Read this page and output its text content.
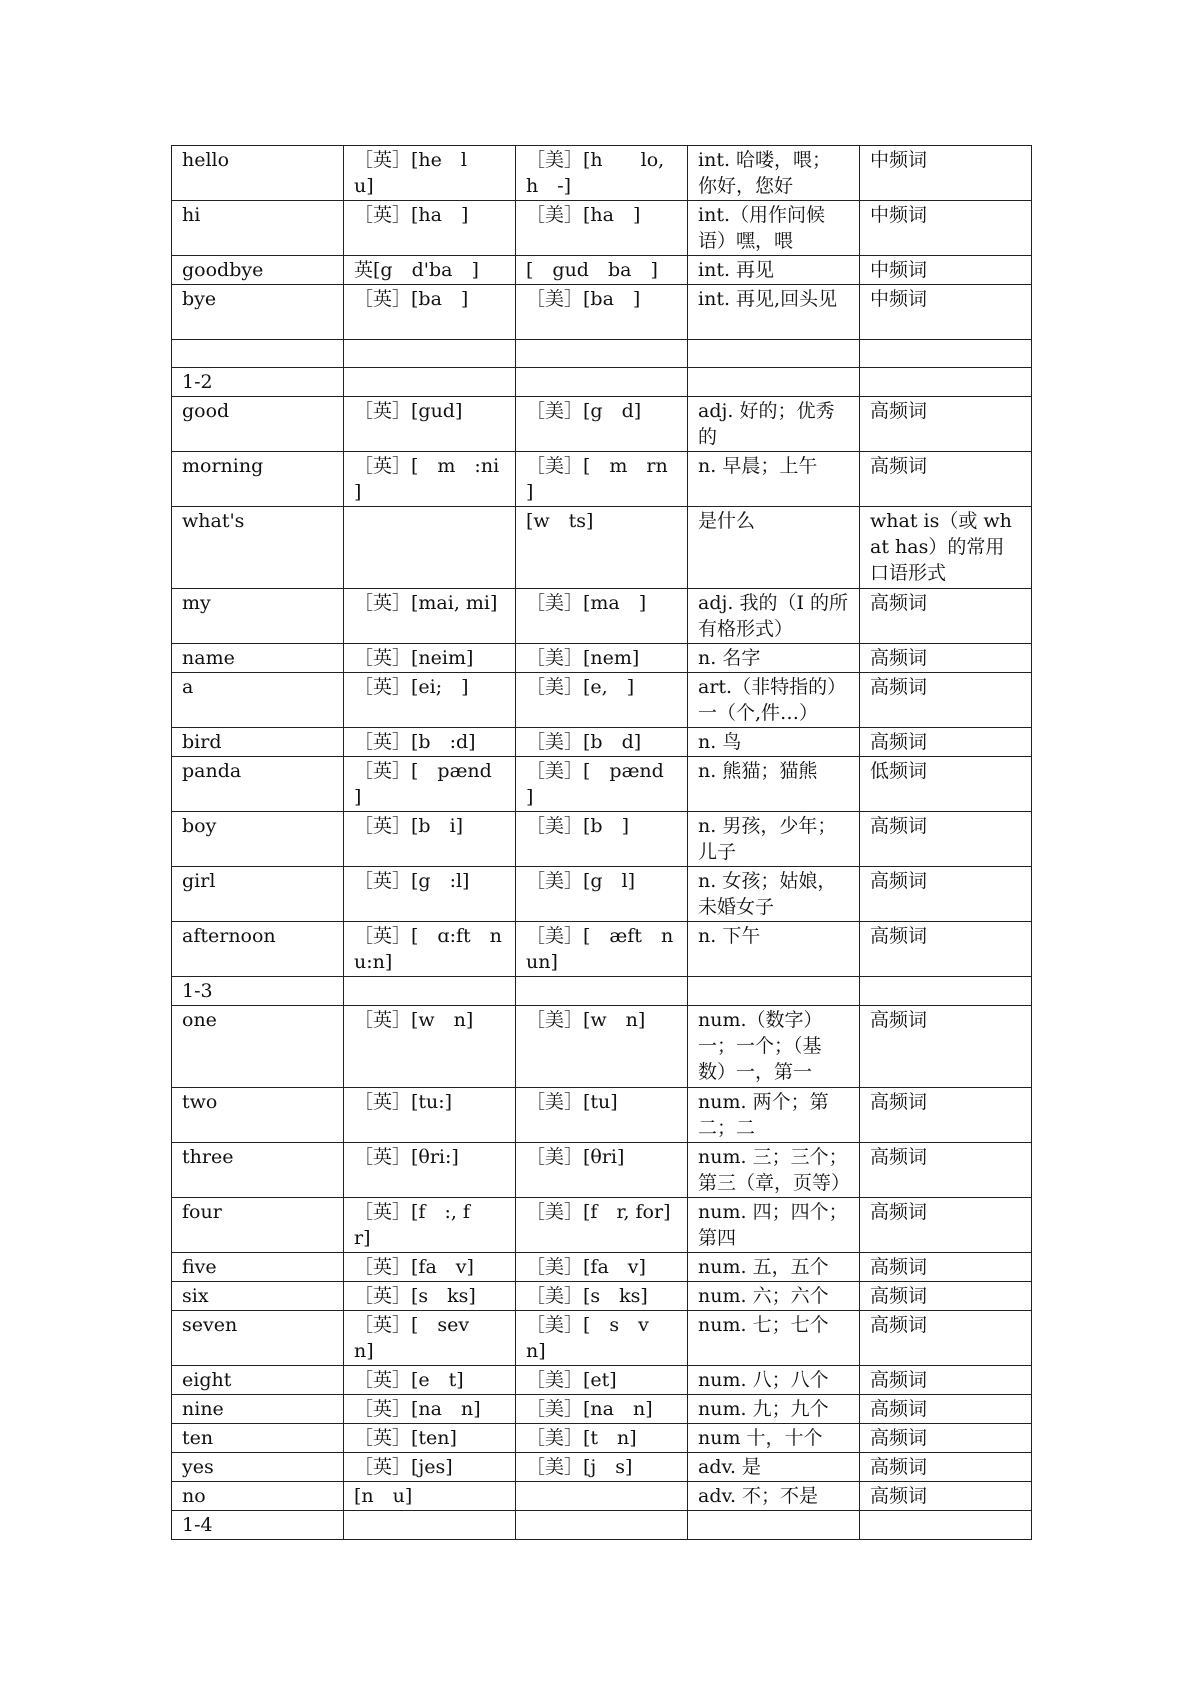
hello	［英］[he　l　u]	［美］[h　　lo, h　-]	int. 哈喽，喂；你好，您好	中频词
hi	［英］[ha　]	［美］[ha　]	int.（用作问候语）嘿，喂	中频词
goodbye	英[g　d'ba　]	[　gud　ba　]	int. 再见	中频词
bye	［英］[ba　]	［美］[ba　]	int. 再见,回头见	中频词

1-2				
good	［英］[gud]	［美］[g　d]	adj. 好的；优秀的	高频词
morning	［英］[　m　:ni　]	［美］[　m　rn　]	n. 早晨；上午	高频词
what's		[w　ts]	是什么	what is（或 what has）的常用口语形式
my	［英］[mai, mi]	［美］[ma　]	adj. 我的（I 的所有格形式）	高频词
name	［英］[neim]	［美］[nem]	n. 名字	高频词
a	［英］[ei;　]	［美］[e,　]	art.（非特指的）一（个,件…）	高频词
bird	［英］[b　:d]	［美］[b　d]	n. 鸟	高频词
panda	［英］[　pænd　]	［美］[　pænd　]	n. 熊猫；猫熊	低频词
boy	［英］[b　i]	［美］[b　]	n. 男孩，少年；儿子	高频词
girl	［英］[g　:l]	［美］[g　l]	n. 女孩；姑娘，未婚女子	高频词
afternoon	［英］[　ɑ:ft　nu:n]	［美］[　æft　nun]	n. 下午	高频词
1-3				
one	［英］[w　n]	［美］[w　n]	num.（数字）一；一个；（基数）一，第一	高频词
two	［英］[tu:]	［美］[tu]	num. 两个；第二；二	高频词
three	［英］[θri:]	［美］[θri]	num. 三；三个；第三（章，页等）	高频词
four	［英］[f　:, f　r]	［美］[f　r, for]	num. 四；四个；第四	高频词
five	［英］[fa　v]	［美］[fa　v]	num. 五，五个	高频词
six	［英］[s　ks]	［美］[s　ks]	num. 六；六个	高频词
seven	［英］[　sev　n]	［美］[　s　v　n]	num. 七；七个	高频词
eight	［英］[e　t]	［美］[et]	num. 八；八个	高频词
nine	［英］[na　n]	［美］[na　n]	num. 九；九个	高频词
ten	［英］[ten]	［美］[t　n]	num 十，十个	高频词
yes	［英］[jes]	［美］[j　s]	adv. 是	高频词
no	[n　u]		adv. 不；不是	高频词
1-4				
